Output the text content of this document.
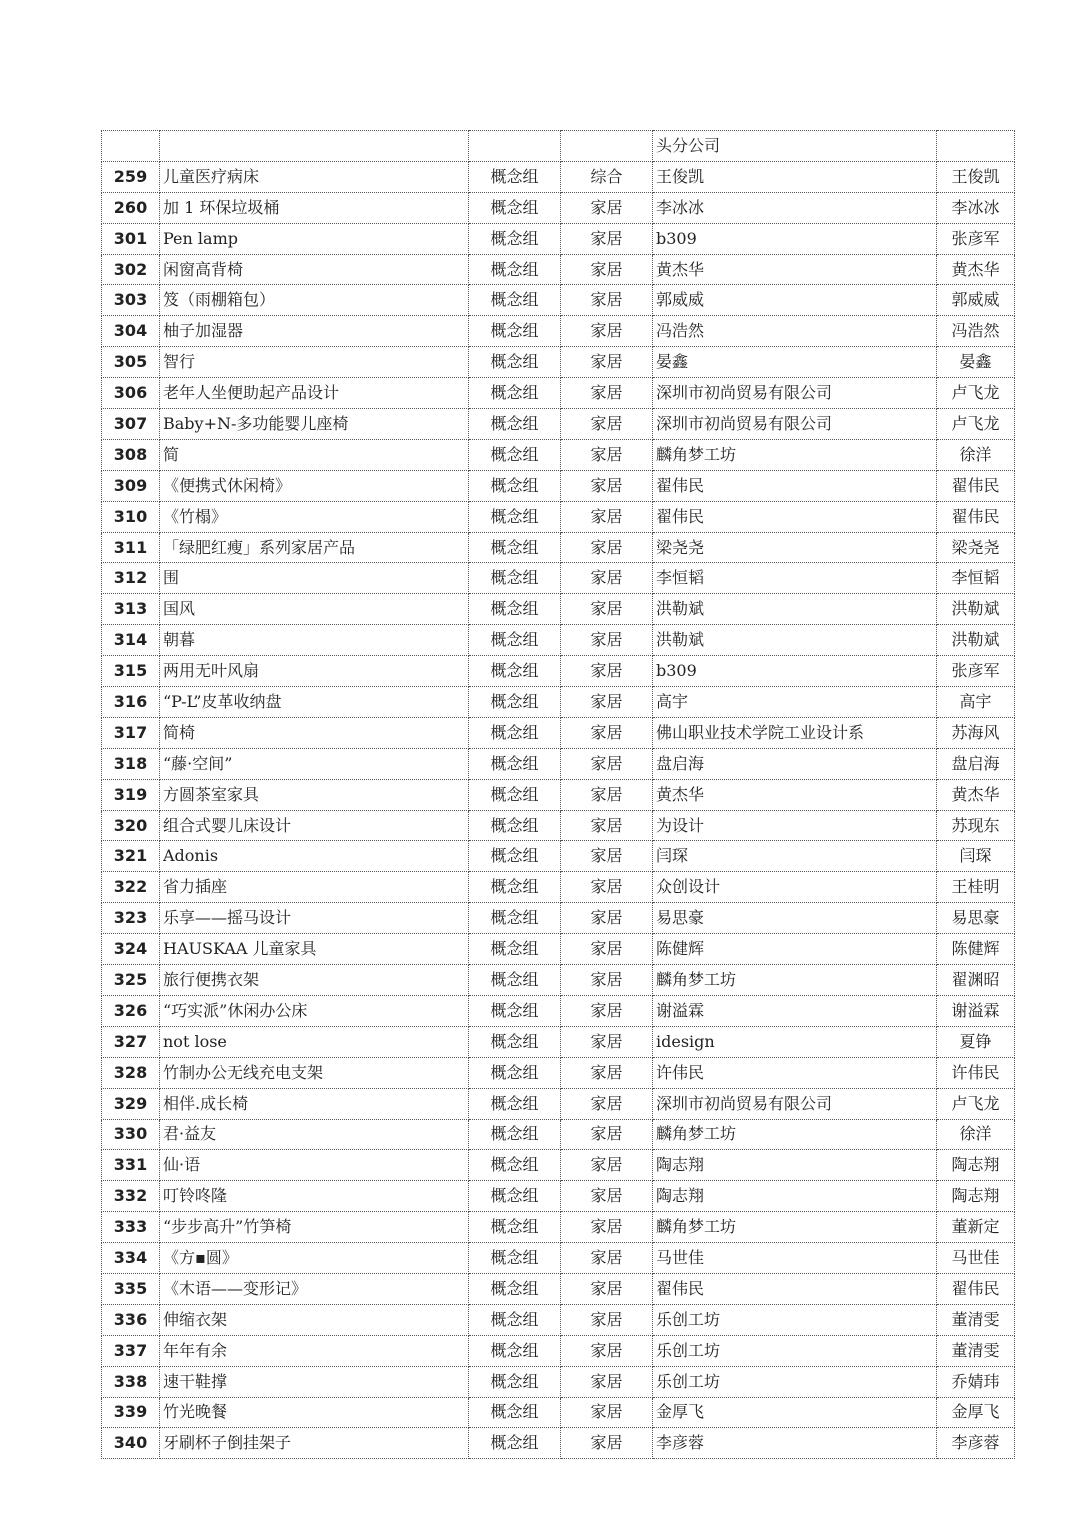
				头分公司	
259	儿童医疗病床	概念组	综合	王俊凯	王俊凯
260	加 1 环保垃圾桶	概念组	家居	李冰冰	李冰冰
301	Pen lamp	概念组	家居	b309	张彦军
302	闲窗高背椅	概念组	家居	黄杰华	黄杰华
303	笈（雨棚箱包）	概念组	家居	郭威威	郭威威
304	柚子加湿器	概念组	家居	冯浩然	冯浩然
305	智行	概念组	家居	晏鑫	晏鑫
306	老年人坐便助起产品设计	概念组	家居	深圳市初尚贸易有限公司	卢飞龙
307	Baby+N-多功能婴儿座椅	概念组	家居	深圳市初尚贸易有限公司	卢飞龙
308	简	概念组	家居	麟角梦工坊	徐洋
309	《便携式休闲椅》	概念组	家居	翟伟民	翟伟民
310	《竹榻》	概念组	家居	翟伟民	翟伟民
311	「绿肥红瘦」系列家居产品	概念组	家居	梁尧尧	梁尧尧
312	围	概念组	家居	李恒韬	李恒韬
313	国风	概念组	家居	洪勒斌	洪勒斌
314	朝暮	概念组	家居	洪勒斌	洪勒斌
315	两用无叶风扇	概念组	家居	b309	张彦军
316	“P-L”皮革收纳盘	概念组	家居	高宇	高宇
317	简椅	概念组	家居	佛山职业技术学院工业设计系	苏海风
318	“藤·空间”	概念组	家居	盘启海	盘启海
319	方圆茶室家具	概念组	家居	黄杰华	黄杰华
320	组合式婴儿床设计	概念组	家居	为设计	苏现东
321	Adonis	概念组	家居	闫琛	闫琛
322	省力插座	概念组	家居	众创设计	王桂明
323	乐享——摇马设计	概念组	家居	易思豪	易思豪
324	HAUSKAA 儿童家具	概念组	家居	陈健辉	陈健辉
325	旅行便携衣架	概念组	家居	麟角梦工坊	翟渊昭
326	“巧实派”休闲办公床	概念组	家居	谢溢霖	谢溢霖
327	not lose	概念组	家居	idesign	夏铮
328	竹制办公无线充电支架	概念组	家居	许伟民	许伟民
329	相伴.成长椅	概念组	家居	深圳市初尚贸易有限公司	卢飞龙
330	君·益友	概念组	家居	麟角梦工坊	徐洋
331	仙·语	概念组	家居	陶志翔	陶志翔
332	叮铃咚隆	概念组	家居	陶志翔	陶志翔
333	“步步高升”竹笋椅	概念组	家居	麟角梦工坊	董新定
334	《方▪圆》	概念组	家居	马世佳	马世佳
335	《木语——变形记》	概念组	家居	翟伟民	翟伟民
336	伸缩衣架	概念组	家居	乐创工坊	董清雯
337	年年有余	概念组	家居	乐创工坊	董清雯
338	速干鞋撑	概念组	家居	乐创工坊	乔婧玮
339	竹光晚餐	概念组	家居	金厚飞	金厚飞
340	牙刷杯子倒挂架子	概念组	家居	李彦蓉	李彦蓉
